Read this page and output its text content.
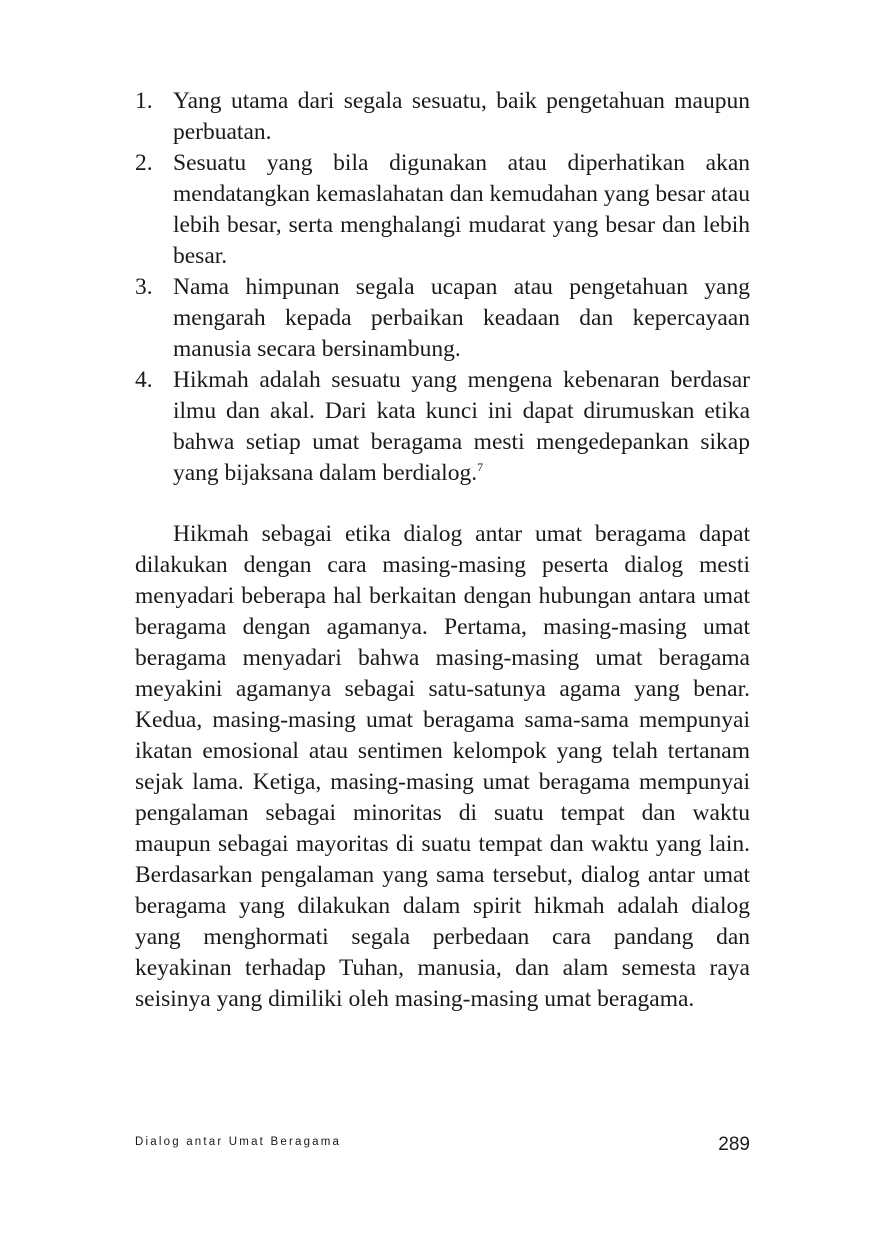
1. Yang utama dari segala sesuatu, baik pengetahuan maupun perbuatan.
2. Sesuatu yang bila digunakan atau diperhatikan akan mendatangkan kemaslahatan dan kemudahan yang besar atau lebih besar, serta menghalangi mudarat yang besar dan lebih besar.
3. Nama himpunan segala ucapan atau pengetahuan yang mengarah kepada perbaikan keadaan dan kepercayaan manusia secara bersinambung.
4. Hikmah adalah sesuatu yang mengena kebenaran berdasar ilmu dan akal. Dari kata kunci ini dapat dirumuskan etika bahwa setiap umat beragama mesti mengedepankan sikap yang bijaksana dalam berdialog.$^7$

Hikmah sebagai etika dialog antar umat beragama dapat dilakukan dengan cara masing-masing peserta dialog mesti menyadari beberapa hal berkaitan dengan hubungan antara umat beragama dengan agamanya. Pertama, masing-masing umat beragama menyadari bahwa masing-masing umat beragama meyakini agamanya sebagai satu-satunya agama yang benar. Kedua, masing-masing umat beragama sama-sama mempunyai ikatan emosional atau sentimen kelompok yang telah tertanam sejak lama. Ketiga, masing-masing umat beragama mempunyai pengalaman sebagai minoritas di suatu tempat dan waktu maupun sebagai mayoritas di suatu tempat dan waktu yang lain. Berdasarkan pengalaman yang sama tersebut, dialog antar umat beragama yang dilakukan dalam spirit hikmah adalah dialog yang menghormati segala perbedaan cara pandang dan keyakinan terhadap Tuhan, manusia, dan alam semesta raya seisinya yang dimiliki oleh masing-masing umat beragama.

Dialog antar Umat Beragama	289
